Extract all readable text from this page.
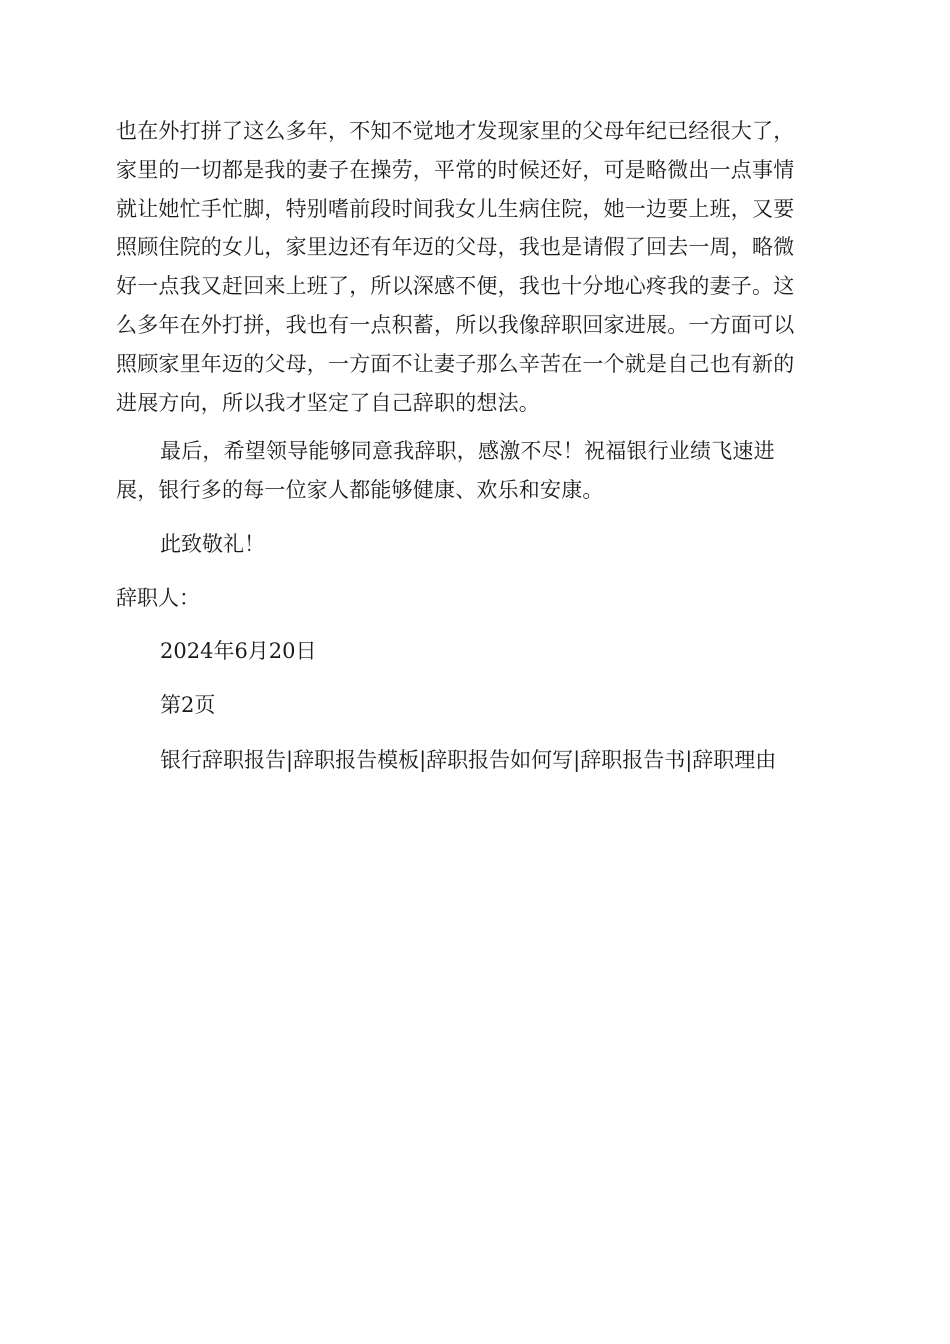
也在外打拼了这么多年，不知不觉地才发现家里的父母年纪已经很大了，
家里的一切都是我的妻子在操劳，平常的时候还好，可是略微出一点事情
就让她忙手忙脚，特别嗜前段时间我女儿生病住院，她一边要上班，又要
照顾住院的女儿，家里边还有年迈的父母，我也是请假了回去一周，略微
好一点我又赶回来上班了，所以深感不便，我也十分地心疼我的妻子。这
么多年在外打拼，我也有一点积蓄，所以我像辞职回家进展。一方面可以
照顾家里年迈的父母，一方面不让妻子那么辛苦在一个就是自己也有新的
进展方向，所以我才坚定了自己辞职的想法。
最后，希望领导能够同意我辞职，感激不尽！祝福银行业绩飞速进
展，银行多的每一位家人都能够健康、欢乐和安康。
此致敬礼！
辞职人：
2024年6月20日
第2页
银行辞职报告|辞职报告模板|辞职报告如何写|辞职报告书|辞职理由
